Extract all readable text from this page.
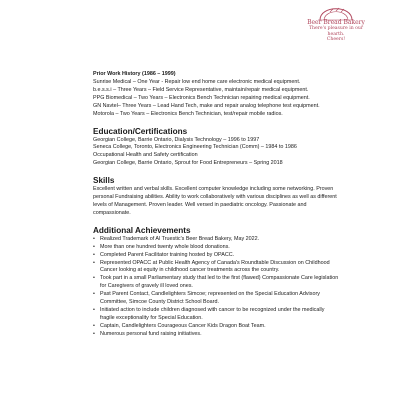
Beer Bread Bakery
There's pleasure in our hearth.
Cheers!
Prior Work History (1986 – 1999)
Sunrise Medical – One Year - Repair low end home care electronic medical equipment.
b.e.s.s.i – Three Years – Field Service Representative, maintain/repair medical equipment.
PPG Biomedical – Two Years – Electronics Bench Technician repairing medical equipment.
GN Navtel– Three Years – Lead Hand Tech, make and repair analog telephone test equipment.
Motorola – Two Years – Electronics Bench Technician, test/repair mobile radios.
Education/Certifications
Georgian College, Barrie Ontario, Dialysis Technology – 1996 to 1997
Seneca College, Toronto, Electronics Engineering Technician (Comm) – 1984 to 1986
Occupational Health and Safety certification
Georgian College, Barrie Ontario, Sprout for Food Entrepreneurs – Spring 2018
Skills
Excellent written and verbal skills. Excellent computer knowledge including some networking. Proven
personal Fundraising abilities. Ability to work collaboratively with various disciplines as well as different
levels of Management. Proven leader. Well versed in paediatric oncology. Passionate and
compassionate.
Additional Achievements
• Realized Trademark of Al Truestic's Beer Bread Bakery, May 2022.
• More than one hundred twenty whole blood donations.
• Completed Parent Facilitator training hosted by OPACC.
• Represented OPACC at Public Health Agency of Canada's Roundtable Discussion on Childhood
Cancer looking at equity in childhood cancer treatments across the country.
• Took part in a small Parliamentary study that led to the first (flawed) Compassionate Care legislation
for Caregivers of gravely ill loved ones.
• Past Parent Contact, Candlelighters Simcoe; represented on the Special Education Advisory
Committee, Simcoe County District School Board.
• Initiated action to include children diagnosed with cancer to be recognized under the medically
fragile exceptionality for Special Education.
• Captain, Candlelighters Courageous Cancer Kids Dragon Boat Team.
• Numerous personal fund raising initiatives.
